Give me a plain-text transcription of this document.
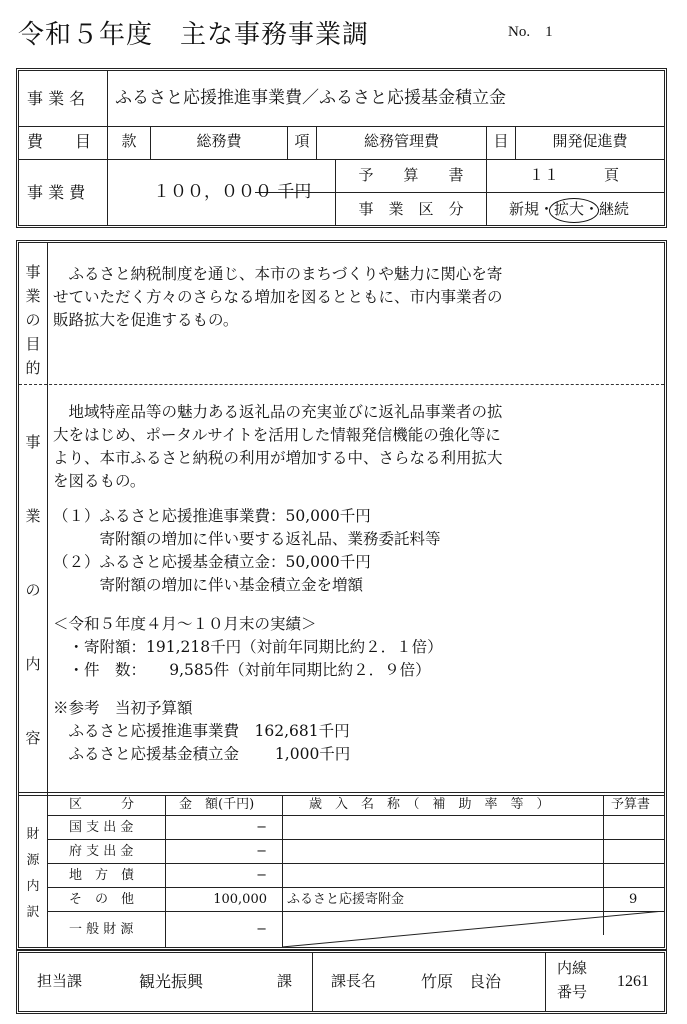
令和５年度　主な事務事業調	No.　1
事 業 名 ふるさと応援推進事業費／ふるさと応援基金積立金
費　　目	款	総務費	項	総務管理費	目	開発促進費
事 業 費	１００，０００ 千円
予　　算　　書	１１　　　頁
事　業　区　分	新規・拡大・継続
事
業
の
目
的
　ふるさと納税制度を通じ、本市のまちづくりや魅力に関心を寄
せていただく方々のさらなる増加を図るとともに、市内事業者の
販路拡大を促進するもの。
事
業
の
内
容
　地域特産品等の魅力ある返礼品の充実並びに返礼品事業者の拡
大をはじめ、ポータルサイトを活用した情報発信機能の強化等に
より、本市ふるさと納税の利用が増加する中、さらなる利用拡大
を図るもの。
（１）ふるさと応援推進事業費：50,000千円
　　　寄附額の増加に伴い要する返礼品、業務委託料等
（２）ふるさと応援基金積立金：50,000千円
　　　寄附額の増加に伴い基金積立金を増額
＜令和５年度４月～１０月末の実績＞
　・寄附額：191,218千円（対前年同期比約２．１倍）
　・件　数：　　9,585件（対前年同期比約２．９倍）
※参考　当初予算額
　ふるさと応援推進事業費　162,681千円
　ふるさと応援基金積立金　　 1,000千円
財
源
内
訳
区　　　分	金　額(千円)	歳　入　名　称　（　補　助　率　等　）	予算書
国 支 出 金	−
府 支 出 金	−
地　方　債	−
そ　の　他	100,000 ふるさと応援寄附金	9
一 般 財 源	−
担当課	観光振興	課	課長名	竹原　良治
内線
番号
1261
